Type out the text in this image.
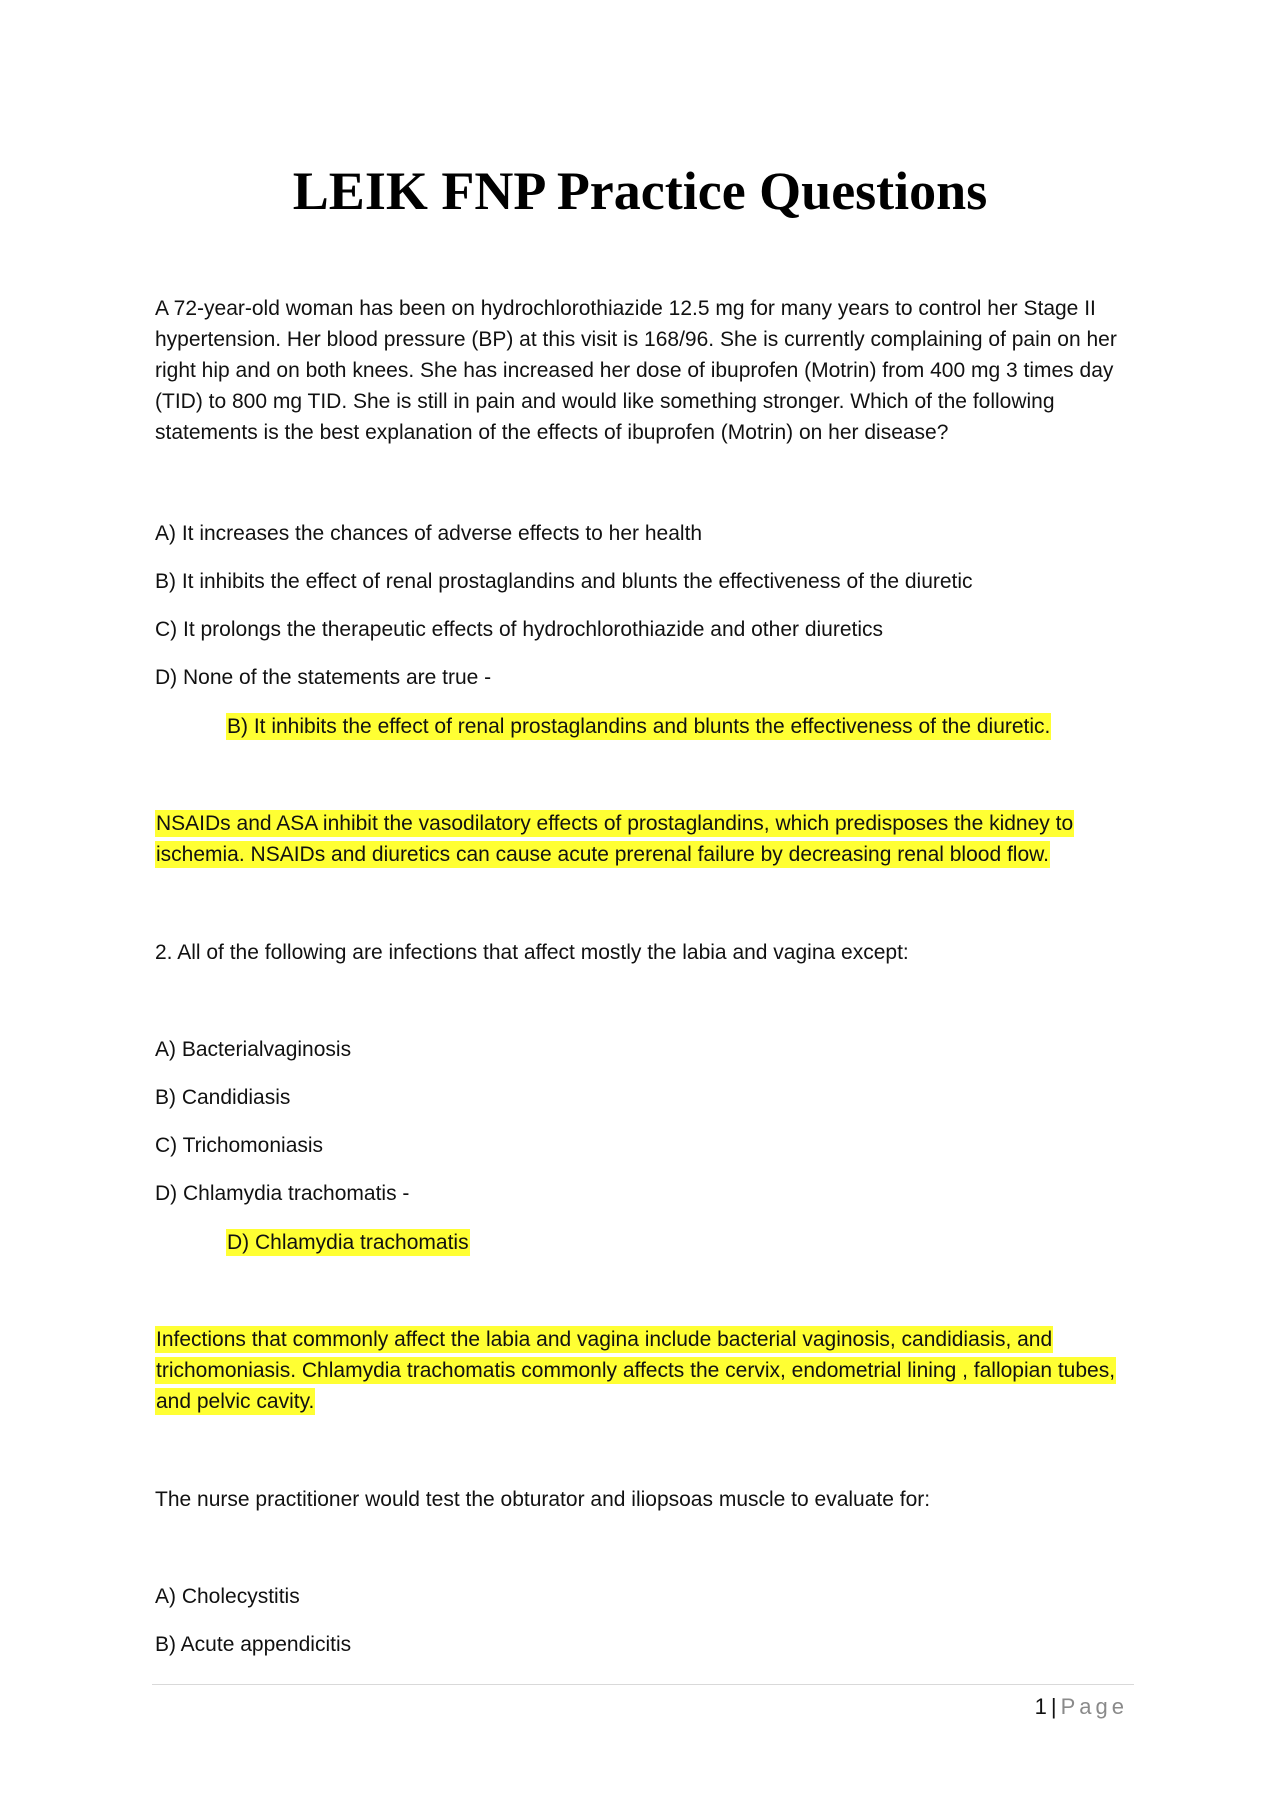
LEIK FNP Practice Questions

A 72-year-old woman has been on hydrochlorothiazide 12.5 mg for many years to control her Stage II hypertension. Her blood pressure (BP) at this visit is 168/96. She is currently complaining of pain on her right hip and on both knees. She has increased her dose of ibuprofen (Motrin) from 400 mg 3 times day (TID) to 800 mg TID. She is still in pain and would like something stronger. Which of the following statements is the best explanation of the effects of ibuprofen (Motrin) on her disease?

A) It increases the chances of adverse effects to her health

B) It inhibits the effect of renal prostaglandins and blunts the effectiveness of the diuretic

C) It prolongs the therapeutic effects of hydrochlorothiazide and other diuretics

D) None of the statements are true -

B) It inhibits the effect of renal prostaglandins and blunts the effectiveness of the diuretic.

NSAIDs and ASA inhibit the vasodilatory effects of prostaglandins, which predisposes the kidney to ischemia. NSAIDs and diuretics can cause acute prerenal failure by decreasing renal blood flow.

2. All of the following are infections that affect mostly the labia and vagina except:

A) Bacterialvaginosis

B) Candidiasis

C) Trichomoniasis

D) Chlamydia trachomatis -

D) Chlamydia trachomatis

Infections that commonly affect the labia and vagina include bacterial vaginosis, candidiasis, and trichomoniasis. Chlamydia trachomatis commonly affects the cervix, endometrial lining , fallopian tubes, and pelvic cavity.

The nurse practitioner would test the obturator and iliopsoas muscle to evaluate for:

A) Cholecystitis

B) Acute appendicitis

1 | Page
